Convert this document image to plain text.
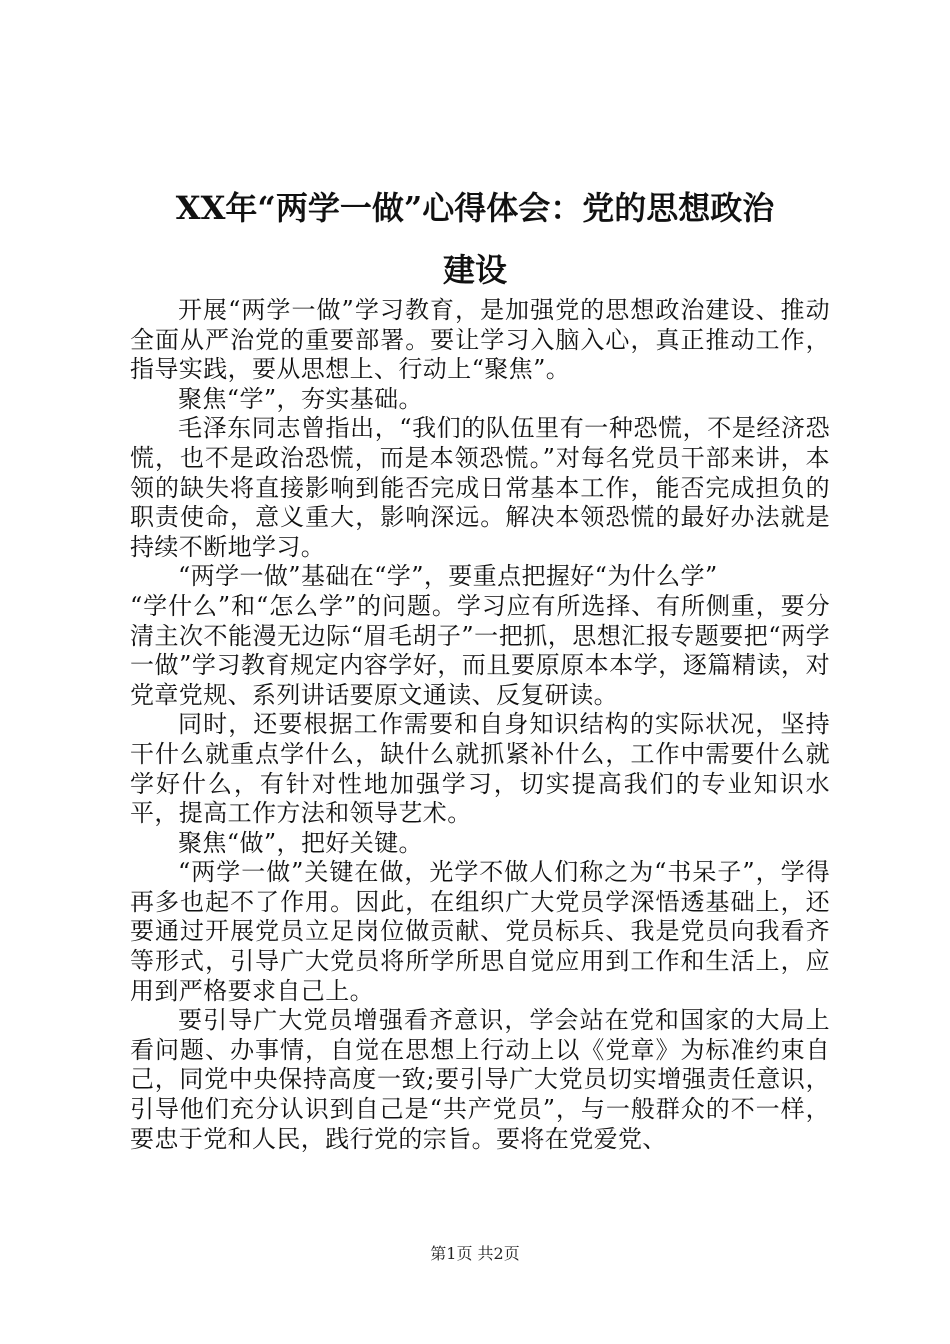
XX年“两学一做”心得体会：党的思想政治
建设

开展“两学一做”学习教育，是加强党的思想政治建设、推动全面从严治党的重要部署。要让学习入脑入心，真正推动工作，指导实践，要从思想上、行动上“聚焦”。

聚焦“学”，夯实基础。

毛泽东同志曾指出，“我们的队伍里有一种恐慌，不是经济恐慌，也不是政治恐慌，而是本领恐慌。”对每名党员干部来讲，本领的缺失将直接影响到能否完成日常基本工作，能否完成担负的职责使命，意义重大，影响深远。解决本领恐慌的最好办法就是持续不断地学习。

“两学一做”基础在“学”，要重点把握好“为什么学”

“学什么”和“怎么学”的问题。学习应有所选择、有所侧重，要分清主次不能漫无边际“眉毛胡子”一把抓，思想汇报专题要把“两学一做”学习教育规定内容学好，而且要原原本本学，逐篇精读，对党章党规、系列讲话要原文通读、反复研读。

同时，还要根据工作需要和自身知识结构的实际状况，坚持干什么就重点学什么，缺什么就抓紧补什么，工作中需要什么就学好什么，有针对性地加强学习，切实提高我们的专业知识水平，提高工作方法和领导艺术。

聚焦“做”，把好关键。

“两学一做”关键在做，光学不做人们称之为“书呆子”，学得再多也起不了作用。因此，在组织广大党员学深悟透基础上，还要通过开展党员立足岗位做贡献、党员标兵、我是党员向我看齐等形式，引导广大党员将所学所思自觉应用到工作和生活上，应用到严格要求自己上。

要引导广大党员增强看齐意识，学会站在党和国家的大局上看问题、办事情，自觉在思想上行动上以《党章》为标准约束自己，同党中央保持高度一致;要引导广大党员切实增强责任意识，引导他们充分认识到自己是“共产党员”，与一般群众的不一样，要忠于党和人民，践行党的宗旨。要将在党爱党、

第1页 共2页
